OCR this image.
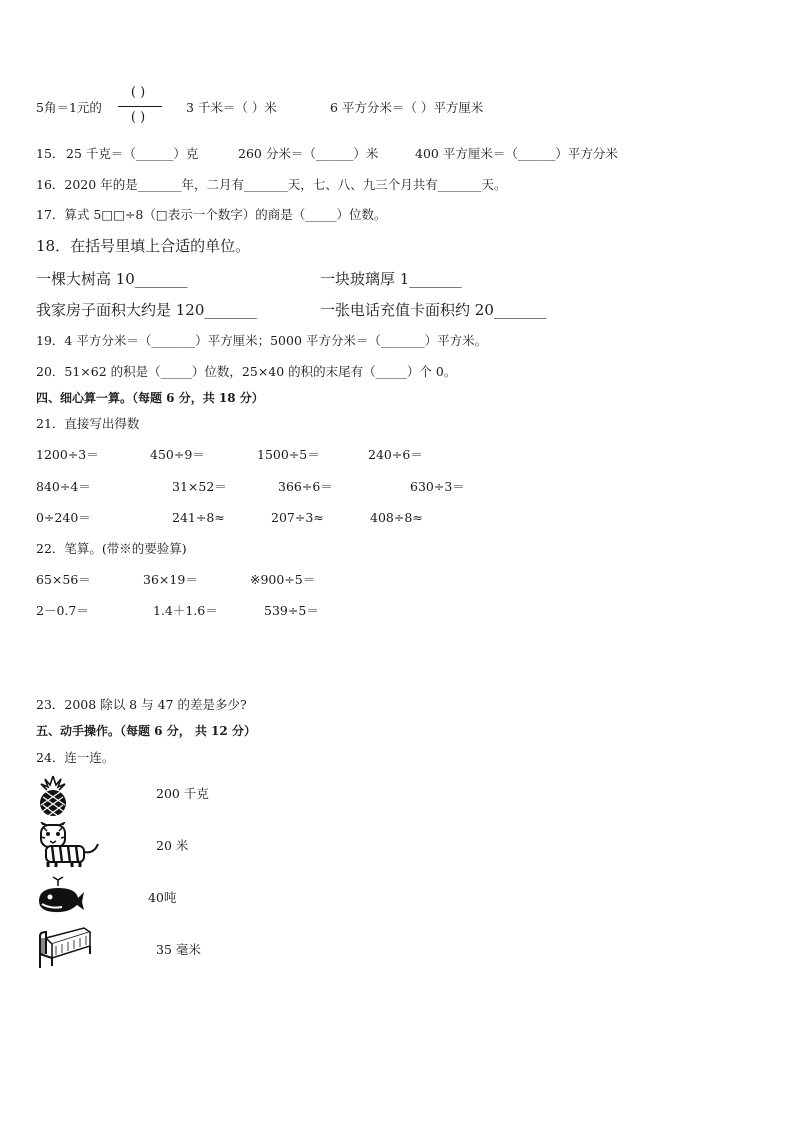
5角＝1元的
( )
( )
3 千米＝（ ）米	6 平方分米＝（ ）平方厘米
15． 25 千克＝（______）克	260 分米＝（______）米	400 平方厘米＝（______）平方分米
16．2020 年的是_______年，二月有_______天，七、八、九三个月共有_______天。
17．算式 5□□÷8（□表示一个数字）的商是（_____）位数。
18．在括号里填上合适的单位。
一棵大树高 10_______	一块玻璃厚 1_______
我家房子面积大约是 120_______	一张电话充值卡面积约 20_______
19．4 平方分米＝（_______）平方厘米；5000 平方分米＝（_______）平方米。
20．51×62 的积是（_____）位数，25×40 的积的末尾有（_____）个 0。
四、细心算一算。（每题 6 分，共 18 分）
21．直接写出得数
1200÷3＝	450÷9＝	1500÷5＝	240÷6＝
840÷4＝	31×52＝	366÷6＝	630÷3＝
0÷240＝	241÷8≈	207÷3≈	408÷8≈
22．笔算。(带※的要验算)
65×56＝	36×19＝	※900÷5＝
2－0.7＝	1.4＋1.6＝	539÷5＝
23．2008 除以 8 与 47 的差是多少?
五、动手操作。（每题 6 分， 共 12 分）
24．连一连。
200 千克
20 米
40吨
35 毫米
